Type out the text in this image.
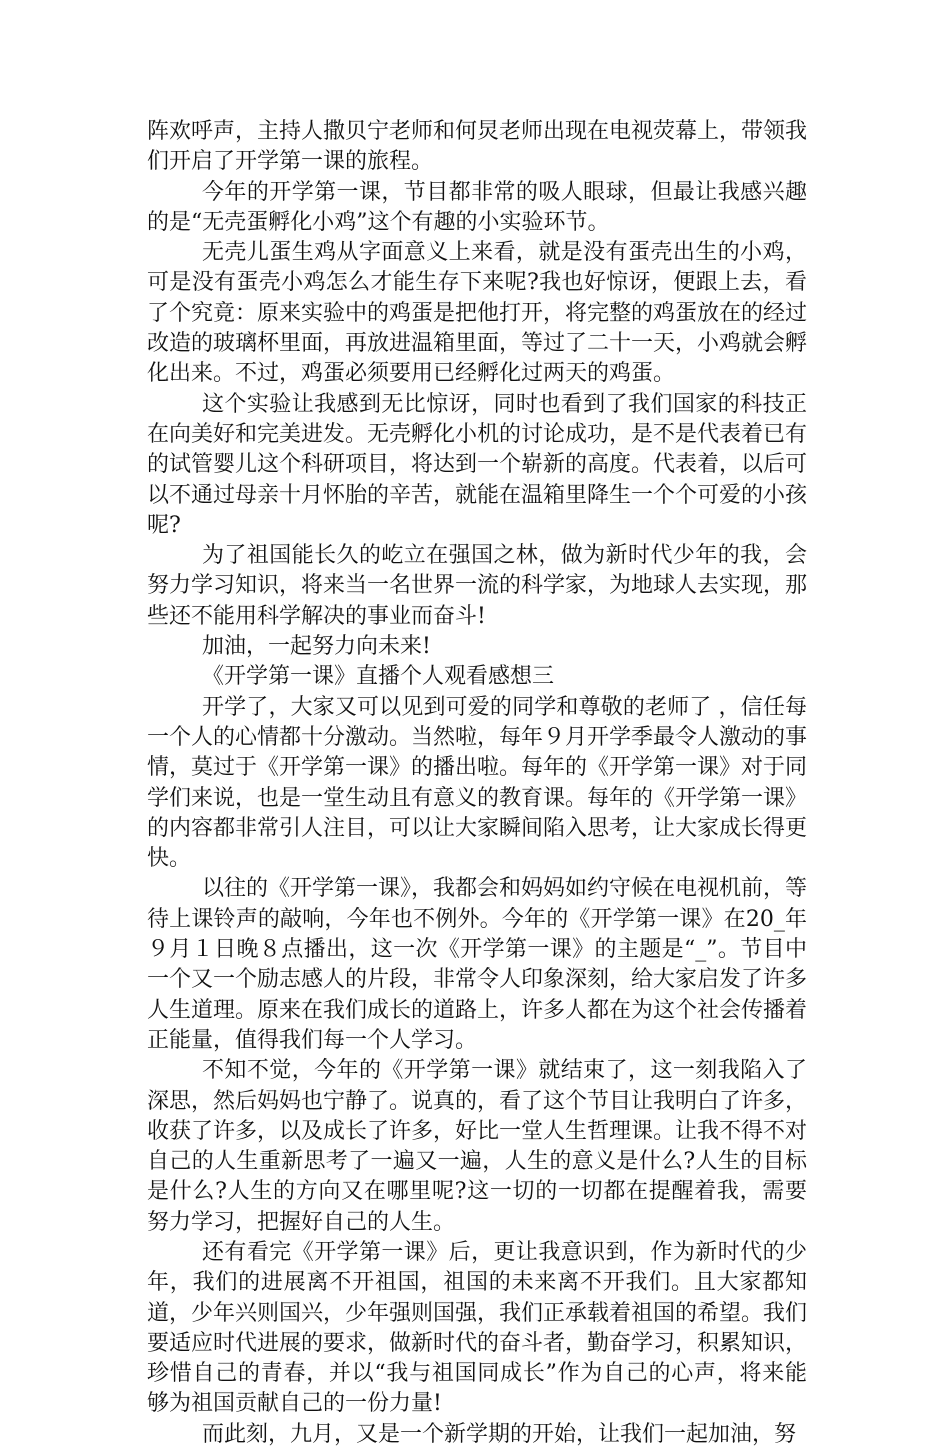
阵欢呼声，主持人撒贝宁老师和何炅老师出现在电视荧幕上，带领我们开启了开学第一课的旅程。

今年的开学第一课，节目都非常的吸人眼球，但最让我感兴趣的是“无壳蛋孵化小鸡”这个有趣的小实验环节。

无壳儿蛋生鸡从字面意义上来看，就是没有蛋壳出生的小鸡，可是没有蛋壳小鸡怎么才能生存下来呢?我也好惊讶，便跟上去，看了个究竟：原来实验中的鸡蛋是把他打开，将完整的鸡蛋放在的经过改造的玻璃杯里面，再放进温箱里面，等过了二十一天，小鸡就会孵化出来。不过，鸡蛋必须要用已经孵化过两天的鸡蛋。

这个实验让我感到无比惊讶，同时也看到了我们国家的科技正在向美好和完美进发。无壳孵化小机的讨论成功，是不是代表着已有的试管婴儿这个科研项目，将达到一个崭新的高度。代表着，以后可以不通过母亲十月怀胎的辛苦，就能在温箱里降生一个个可爱的小孩呢?

为了祖国能长久的屹立在强国之林，做为新时代少年的我，会努力学习知识，将来当一名世界一流的科学家，为地球人去实现，那些还不能用科学解决的事业而奋斗!

加油，一起努力向未来!

《开学第一课》直播个人观看感想三

开学了，大家又可以见到可爱的同学和尊敬的老师了 ，信任每一个人的心情都十分激动。当然啦，每年９月开学季最令人激动的事情，莫过于《开学第一课》的播出啦。每年的《开学第一课》对于同学们来说，也是一堂生动且有意义的教育课。每年的《开学第一课》的内容都非常引人注目，可以让大家瞬间陷入思考，让大家成长得更快。

以往的《开学第一课》，我都会和妈妈如约守候在电视机前，等待上课铃声的敲响，今年也不例外。今年的《开学第一课》在20_年９月１日晚８点播出，这一次《开学第一课》的主题是“_”。节目中一个又一个励志感人的片段，非常令人印象深刻，给大家启发了许多人生道理。原来在我们成长的道路上，许多人都在为这个社会传播着正能量，值得我们每一个人学习。

不知不觉，今年的《开学第一课》就结束了，这一刻我陷入了深思，然后妈妈也宁静了。说真的，看了这个节目让我明白了许多，收获了许多，以及成长了许多，好比一堂人生哲理课。让我不得不对自己的人生重新思考了一遍又一遍，人生的意义是什么?人生的目标是什么?人生的方向又在哪里呢?这一切的一切都在提醒着我，需要努力学习，把握好自己的人生。

还有看完《开学第一课》后，更让我意识到，作为新时代的少年，我们的进展离不开祖国，祖国的未来离不开我们。且大家都知道，少年兴则国兴，少年强则国强，我们正承载着祖国的希望。我们要适应时代进展的要求，做新时代的奋斗者，勤奋学习，积累知识，珍惜自己的青春，并以“我与祖国同成长”作为自己的心声，将来能够为祖国贡献自己的一份力量!

而此刻，九月，又是一个新学期的开始，让我们一起加油，努
